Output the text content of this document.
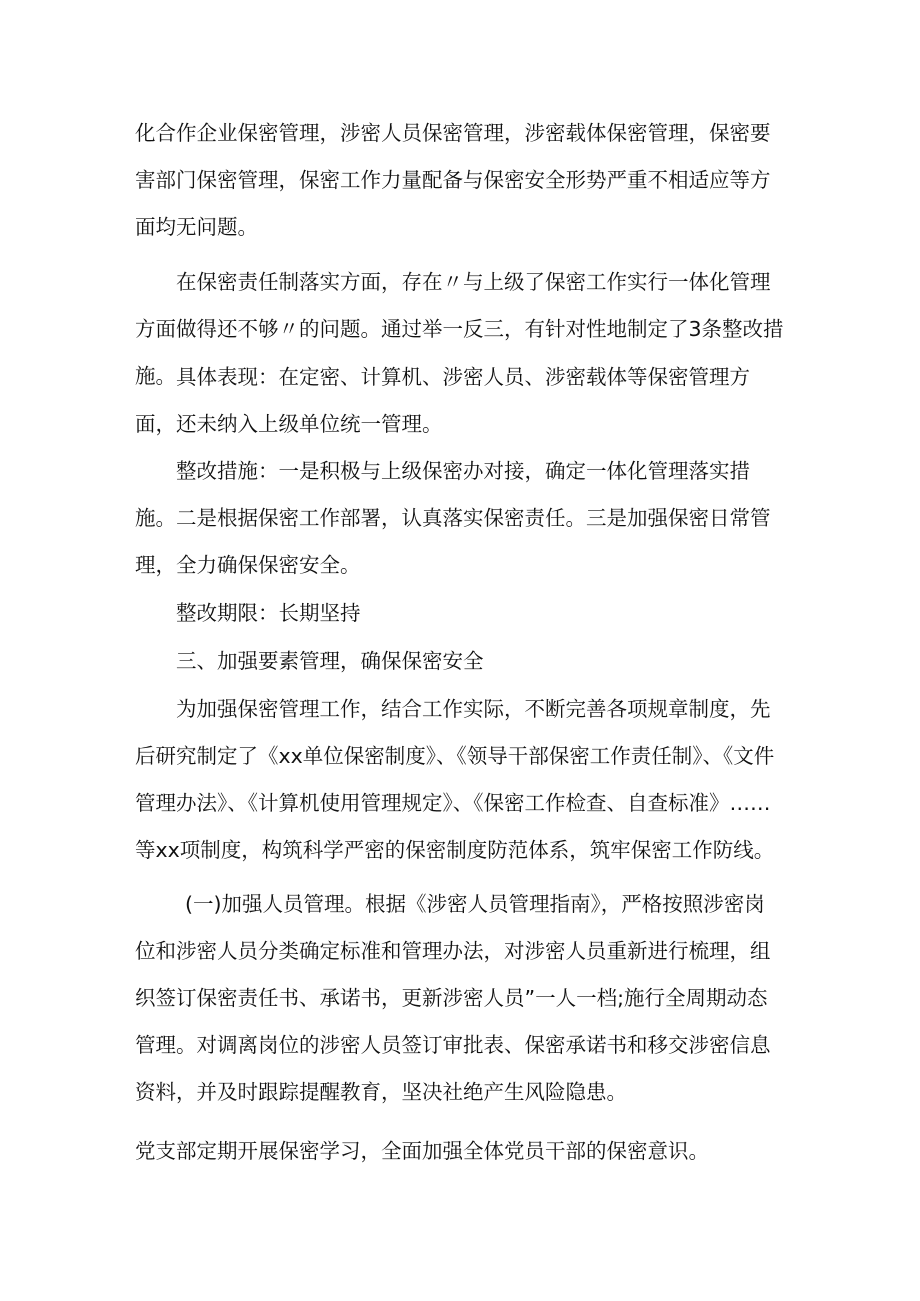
化合作企业保密管理，涉密人员保密管理，涉密载体保密管理，保密要害部门保密管理，保密工作力量配备与保密安全形势严重不相适应等方面均无问题。

在保密责任制落实方面，存在〃与上级了保密工作实行一体化管理方面做得还不够〃的问题。通过举一反三，有针对性地制定了3条整改措施。 具体表现：在定密、计算机、涉密人员、涉密载体等保密管理方面，还未纳入上级单位统一管理。

整改措施：一是积极与上级保密办对接，确定一体化管理落实措施。二是根据保密工作部署，认真落实保密责任。三是加强保密日常管理，全力确保保密安全。

整改期限：长期坚持

三、加强要素管理，确保保密安全

为加强保密管理工作，结合工作实际，不断完善各项规章制度，先后研究制定了《xx单位保密制度》、《领导干部保密工作责任制》、《文件管理办法》、《计算机使用管理规定》、《保密工作检查、自查标准》……等xx项制度，构筑科学严密的保密制度防范体系，筑牢保密工作防线。

(一)加强人员管理。根据《涉密人员管理指南》，严格按照涉密岗位和涉密人员分类确定标准和管理办法，对涉密人员重新进行梳理，组织签订保密责任书、承诺书，更新涉密人员”一人一档;施行全周期动态管理。对调离岗位的涉密人员签订审批表、保密承诺书和移交涉密信息资料，并及时跟踪提醒教育，坚决社绝产生风险隐患。

党支部定期开展保密学习，全面加强全体党员干部的保密意识。
